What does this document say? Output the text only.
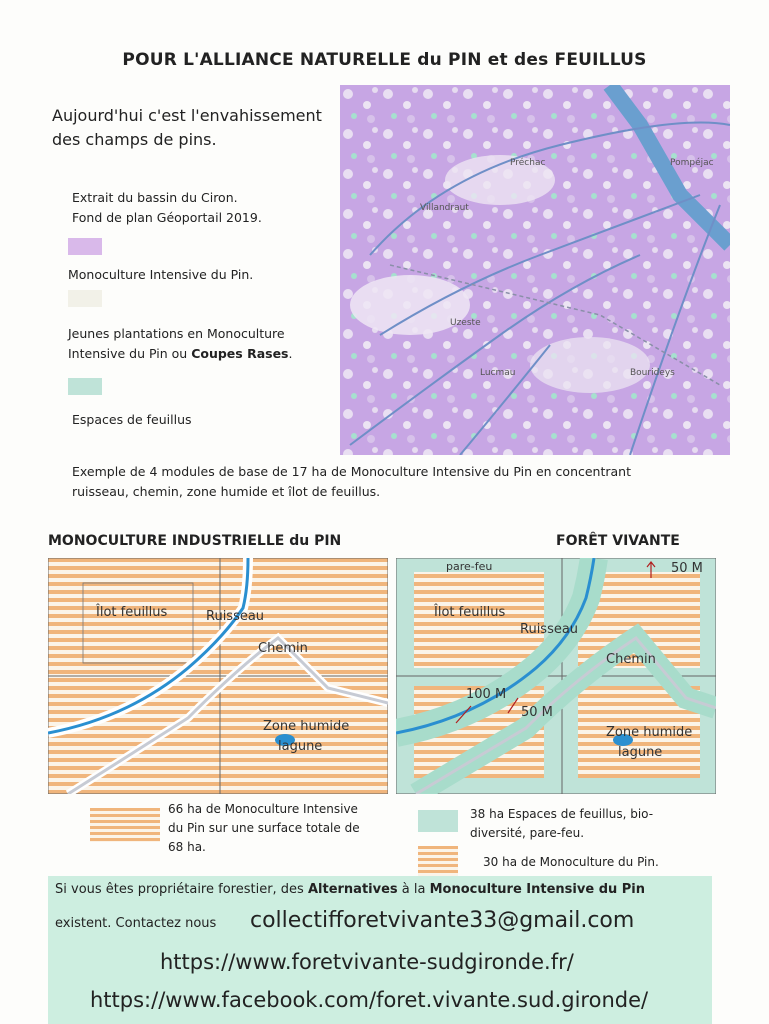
POUR L'ALLIANCE NATURELLE du PIN et des FEUILLUS
Aujourd'hui c'est l'envahissement
des champs de pins.
Extrait du bassin du Ciron.
Fond de plan Géoportail 2019.
Monoculture Intensive du Pin.
Jeunes plantations en Monoculture
Intensive du Pin ou Coupes Rases.
Espaces de feuillus
Préchac	Pompéjac
Villandraut
Uzeste
Lucmau	Bourideys
Exemple de 4 modules de base de 17 ha de Monoculture Intensive du Pin en concentrant
ruisseau, chemin, zone humide et îlot de feuillus.
MONOCULTURE INDUSTRIELLE du PIN	FORÊT VIVANTE
Îlot feuillus	Ruisseau
Chemin
Zone humide
lagune
pare-feu	50 M
Îlot feuillus
Ruisseau
Chemin
100 M
50 M
Zone humide
lagune
66 ha de Monoculture Intensive
du Pin sur une surface totale de
68 ha.
38 ha Espaces de feuillus, bio-
diversité, pare-feu.
30 ha de Monoculture du Pin.
Si vous êtes propriétaire forestier, des Alternatives à la Monoculture Intensive du Pin
existent. Contactez nous collectifforetvivante33@gmail.com
https://www.foretvivante-sudgironde.fr/
https://www.facebook.com/foret.vivante.sud.gironde/
